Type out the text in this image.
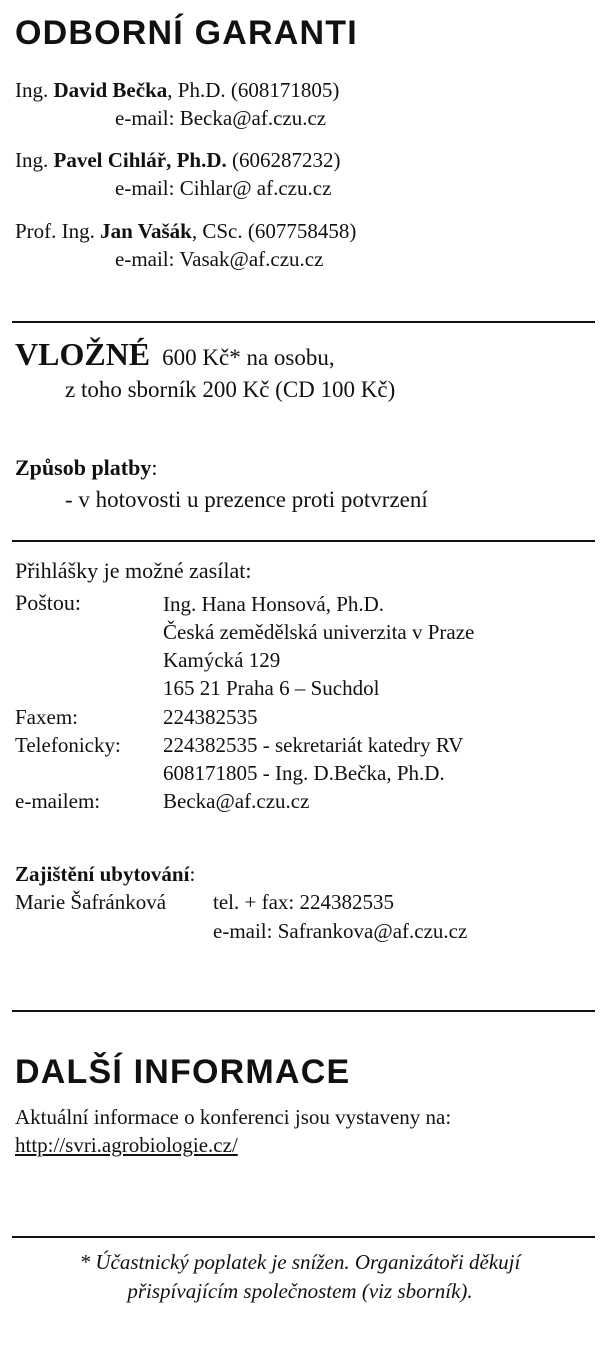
ODBORNÍ GARANTI
Ing. David Bečka, Ph.D. (608171805)
e-mail: Becka@af.czu.cz
Ing. Pavel Cihlář, Ph.D. (606287232)
e-mail: Cihlar@ af.czu.cz
Prof. Ing. Jan Vašák, CSc. (607758458)
e-mail: Vasak@af.czu.cz
VLOŽNÉ 600 Kč* na osobu,
z toho sborník 200 Kč (CD 100 Kč)
Způsob platby:
- v hotovosti u prezence proti potvrzení
Přihlášky je možné zasílat:
Poštou:	Ing. Hana Honsová, Ph.D.
Česká zemědělská univerzita v Praze
Kamýcká 129
165 21 Praha 6 – Suchdol
Faxem:	224382535
Telefonicky: 224382535 - sekretariát katedry RV
608171805 - Ing. D.Bečka, Ph.D.
e-mailem:	Becka@af.czu.cz
Zajištění ubytování:
Marie Šafránková tel. + fax: 224382535
e-mail: Safrankova@af.czu.cz
DALŠÍ INFORMACE
Aktuální informace o konferenci jsou vystaveny na:
http://svri.agrobiologie.cz/
* Účastnický poplatek je snížen. Organizátoři děkují
přispívajícím společnostem (viz sborník).
